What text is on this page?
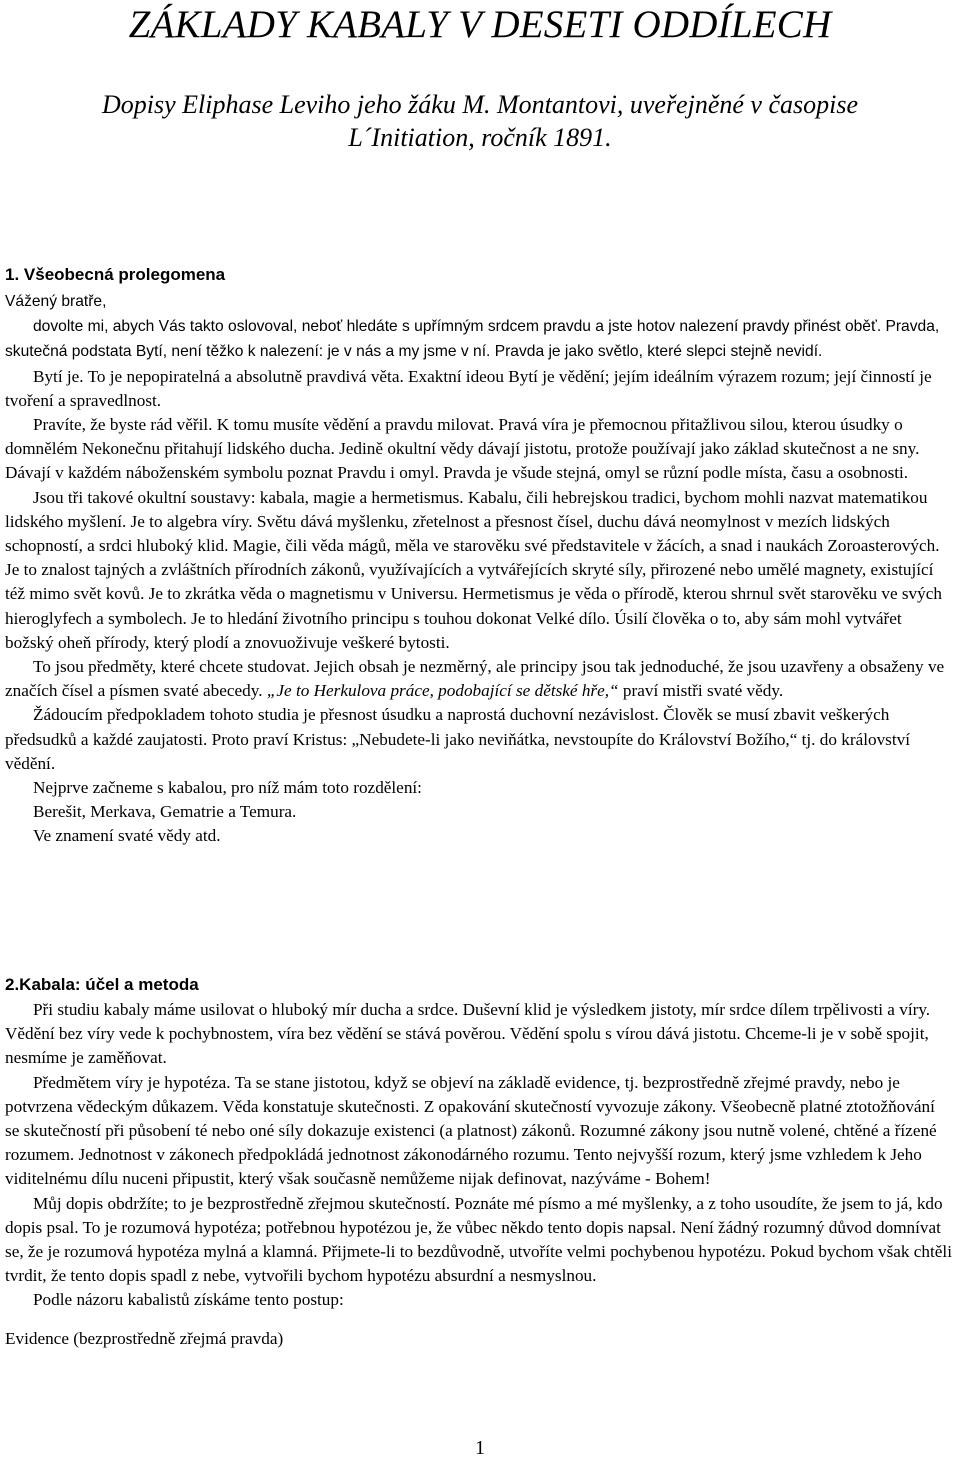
ZÁKLADY KABALY V DESETI ODDÍLECH
Dopisy Eliphase Leviho jeho žáku M. Montantovi, uveřejněné v časopise
L´Initiation, ročník 1891.
1. Všeobecná prolegomena

Vážený bratře,

dovolte mi, abych Vás takto oslovoval, neboť hledáte s upřímným srdcem pravdu a jste hotov nalezení pravdy přinést oběť. Pravda, skutečná podstata Bytí, není těžko k nalezení: je v nás a my jsme v ní. Pravda je jako světlo, které slepci stejně nevidí.

Bytí je. To je nepopiratelná a absolutně pravdivá věta. Exaktní ideou Bytí je vědění; jejím ideálním výrazem rozum; její činností je tvoření a spravedlnost.

Pravíte, že byste rád věřil. K tomu musíte vědění a pravdu milovat. Pravá víra je přemocnou přitažlivou silou, kterou úsudky o domnělém Nekonečnu přitahují lidského ducha. Jedině okultní vědy dávají jistotu, protože používají jako základ skutečnost a ne sny. Dávají v každém náboženském symbolu poznat Pravdu i omyl. Pravda je všude stejná, omyl se různí podle místa, času a osobnosti.

Jsou tři takové okultní soustavy: kabala, magie a hermetismus. Kabalu, čili hebrejskou tradici, bychom mohli nazvat matematikou lidského myšlení. Je to algebra víry. Světu dává myšlenku, zřetelnost a přesnost čísel, duchu dává neomylnost v mezích lidských schopností, a srdci hluboký klid. Magie, čili věda mágů, měla ve starověku své představitele v žácích, a snad i naukách Zoroasterových. Je to znalost tajných a zvláštních přírodních zákonů, využívajících a vytvářejících skryté síly, přirozené nebo umělé magnety, existující též mimo svět kovů. Je to zkrátka věda o magnetismu v Universu. Hermetismus je věda o přírodě, kterou shrnul svět starověku ve svých hieroglyfech a symbolech. Je to hledání životního principu s touhou dokonat Velké dílo. Úsilí člověka o to, aby sám mohl vytvářet božský oheň přírody, který plodí a znovuoživuje veškeré bytosti.

To jsou předměty, které chcete studovat. Jejich obsah je nezměrný, ale principy jsou tak jednoduché, že jsou uzavřeny a obsaženy ve značích čísel a písmen svaté abecedy. „Je to Herkulova práce, podobající se dětské hře,“ praví mistři svaté vědy.

Žádoucím předpokladem tohoto studia je přesnost úsudku a naprostá duchovní nezávislost. Člověk se musí zbavit veškerých předsudků a každé zaujatosti. Proto praví Kristus: „Nebudete-li jako neviňátka, nevstoupíte do Království Božího,“ tj. do království vědění.

Nejprve začneme s kabalou, pro níž mám toto rozdělení:

Berešit, Merkava, Gematrie a Temura.

Ve znamení svaté vědy atd.

2.Kabala: účel a metoda

Při studiu kabaly máme usilovat o hluboký mír ducha a srdce. Duševní klid je výsledkem jistoty, mír srdce dílem trpělivosti a víry. Vědění bez víry vede k pochybnostem, víra bez vědění se stává pověrou. Vědění spolu s vírou dává jistotu. Chceme-li je v sobě spojit, nesmíme je zaměňovat.

Předmětem víry je hypotéza. Ta se stane jistotou, když se objeví na základě evidence, tj. bezprostředně zřejmé pravdy, nebo je potvrzena vědeckým důkazem. Věda konstatuje skutečnosti. Z opakování skutečností vyvozuje zákony. Všeobecně platné ztotožňování se skutečností při působení té nebo oné síly dokazuje existenci (a platnost) zákonů. Rozumné zákony jsou nutně volené, chtěné a řízené rozumem. Jednotnost v zákonech předpokládá jednotnost zákonodárného rozumu. Tento nejvyšší rozum, který jsme vzhledem k Jeho viditelnému dílu nuceni připustit, který však současně nemůžeme nijak definovat, nazýváme - Bohem!

Můj dopis obdržíte; to je bezprostředně zřejmou skutečností. Poznáte mé písmo a mé myšlenky, a z toho usoudíte, že jsem to já, kdo dopis psal. To je rozumová hypotéza; potřebnou hypotézou je, že vůbec někdo tento dopis napsal. Není žádný rozumný důvod domnívat se, že je rozumová hypotéza mylná a klamná. Přijmete-li to bezdůvodně, utvoříte velmi pochybenou hypotézu. Pokud bychom však chtěli tvrdit, že tento dopis spadl z nebe, vytvořili bychom hypotézu absurdní a nesmyslnou.

Podle názoru kabalistů získáme tento postup:

Evidence (bezprostředně zřejmá pravda)

1
